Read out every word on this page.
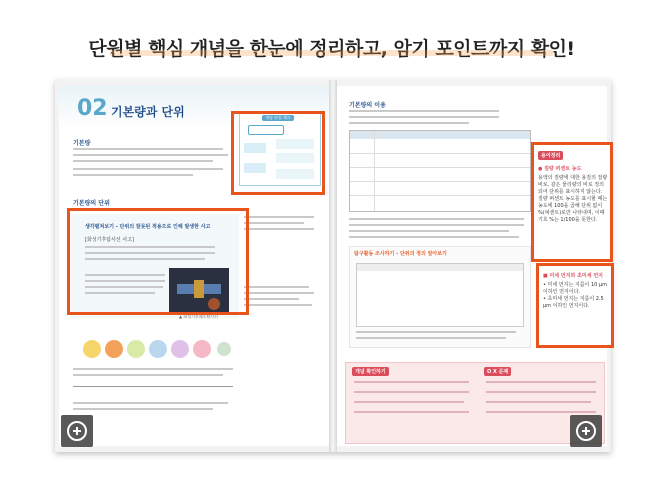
단원별 핵심 개념을 한눈에 정리하고, 암기 포인트까지 확인!
02 기본량과 단위
기본량
기본량의 단위
생각펼쳐보기 - 단위의 잘못된 적용으로 인해 발생한 사고
[화성기후탐사선 사고]
▲ 화성기후궤도탐사선
개념 연결 체크
기본량의 이용
탐구활동 조사하기 - 단위의 정의 알아보기
개념 확인하기	O X 문제
용어정리
● 질량 퍼센트 농도
용액의 질량에 대한 용질의 질량비로, 같은 물리량의 비로 정의되어 단위를 표시하지 않는다. 질량 퍼센트 농도를 표시할 때는 농도에 100을 곱해 단위 없이 %(퍼센트)로만 나타내며, 이때 기호 %는 1/100을 뜻한다.
■ 미세 먼지와 초미세 먼지
• 미세 먼지는 지름이 10 μm 이하인 먼지이다.
• 초미세 먼지는 지름이 2.5 μm 이하인 먼지이다.
